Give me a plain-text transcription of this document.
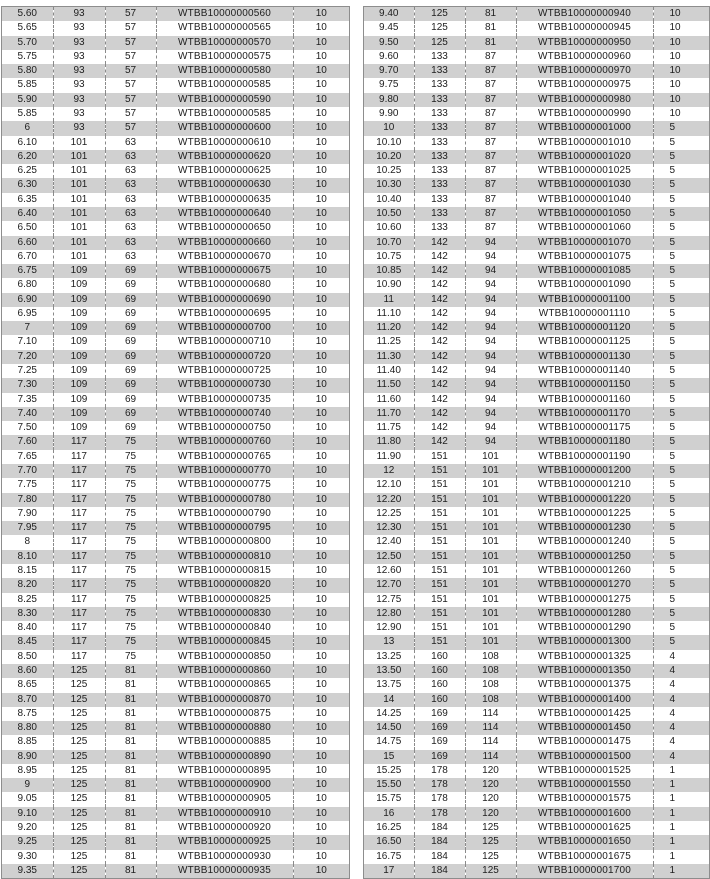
5.60	93	57	WTBB10000000560	10
5.65	93	57	WTBB10000000565	10
5.70	93	57	WTBB10000000570	10
5.75	93	57	WTBB10000000575	10
5.80	93	57	WTBB10000000580	10
5.85	93	57	WTBB10000000585	10
5.90	93	57	WTBB10000000590	10
5.85	93	57	WTBB10000000585	10
6	93	57	WTBB10000000600	10
6.10	101	63	WTBB10000000610	10
6.20	101	63	WTBB10000000620	10
6.25	101	63	WTBB10000000625	10
6.30	101	63	WTBB10000000630	10
6.35	101	63	WTBB10000000635	10
6.40	101	63	WTBB10000000640	10
6.50	101	63	WTBB10000000650	10
6.60	101	63	WTBB10000000660	10
6.70	101	63	WTBB10000000670	10
6.75	109	69	WTBB10000000675	10
6.80	109	69	WTBB10000000680	10
6.90	109	69	WTBB10000000690	10
6.95	109	69	WTBB10000000695	10
7	109	69	WTBB10000000700	10
7.10	109	69	WTBB10000000710	10
7.20	109	69	WTBB10000000720	10
7.25	109	69	WTBB10000000725	10
7.30	109	69	WTBB10000000730	10
7.35	109	69	WTBB10000000735	10
7.40	109	69	WTBB10000000740	10
7.50	109	69	WTBB10000000750	10
7.60	117	75	WTBB10000000760	10
7.65	117	75	WTBB10000000765	10
7.70	117	75	WTBB10000000770	10
7.75	117	75	WTBB10000000775	10
7.80	117	75	WTBB10000000780	10
7.90	117	75	WTBB10000000790	10
7.95	117	75	WTBB10000000795	10
8	117	75	WTBB10000000800	10
8.10	117	75	WTBB10000000810	10
8.15	117	75	WTBB10000000815	10
8.20	117	75	WTBB10000000820	10
8.25	117	75	WTBB10000000825	10
8.30	117	75	WTBB10000000830	10
8.40	117	75	WTBB10000000840	10
8.45	117	75	WTBB10000000845	10
8.50	117	75	WTBB10000000850	10
8.60	125	81	WTBB10000000860	10
8.65	125	81	WTBB10000000865	10
8.70	125	81	WTBB10000000870	10
8.75	125	81	WTBB10000000875	10
8.80	125	81	WTBB10000000880	10
8.85	125	81	WTBB10000000885	10
8.90	125	81	WTBB10000000890	10
8.95	125	81	WTBB10000000895	10
9	125	81	WTBB10000000900	10
9.05	125	81	WTBB10000000905	10
9.10	125	81	WTBB10000000910	10
9.20	125	81	WTBB10000000920	10
9.25	125	81	WTBB10000000925	10
9.30	125	81	WTBB10000000930	10
9.35	125	81	WTBB10000000935	10
9.40	125	81	WTBB10000000940	10
9.45	125	81	WTBB10000000945	10
9.50	125	81	WTBB10000000950	10
9.60	133	87	WTBB10000000960	10
9.70	133	87	WTBB10000000970	10
9.75	133	87	WTBB10000000975	10
9.80	133	87	WTBB10000000980	10
9.90	133	87	WTBB10000000990	10
10	133	87	WTBB10000001000	5
10.10	133	87	WTBB10000001010	5
10.20	133	87	WTBB10000001020	5
10.25	133	87	WTBB10000001025	5
10.30	133	87	WTBB10000001030	5
10.40	133	87	WTBB10000001040	5
10.50	133	87	WTBB10000001050	5
10.60	133	87	WTBB10000001060	5
10.70	142	94	WTBB10000001070	5
10.75	142	94	WTBB10000001075	5
10.85	142	94	WTBB10000001085	5
10.90	142	94	WTBB10000001090	5
11	142	94	WTBB10000001100	5
11.10	142	94	WTBB10000001110	5
11.20	142	94	WTBB10000001120	5
11.25	142	94	WTBB10000001125	5
11.30	142	94	WTBB10000001130	5
11.40	142	94	WTBB10000001140	5
11.50	142	94	WTBB10000001150	5
11.60	142	94	WTBB10000001160	5
11.70	142	94	WTBB10000001170	5
11.75	142	94	WTBB10000001175	5
11.80	142	94	WTBB10000001180	5
11.90	151	101	WTBB10000001190	5
12	151	101	WTBB10000001200	5
12.10	151	101	WTBB10000001210	5
12.20	151	101	WTBB10000001220	5
12.25	151	101	WTBB10000001225	5
12.30	151	101	WTBB10000001230	5
12.40	151	101	WTBB10000001240	5
12.50	151	101	WTBB10000001250	5
12.60	151	101	WTBB10000001260	5
12.70	151	101	WTBB10000001270	5
12.75	151	101	WTBB10000001275	5
12.80	151	101	WTBB10000001280	5
12.90	151	101	WTBB10000001290	5
13	151	101	WTBB10000001300	5
13.25	160	108	WTBB10000001325	4
13.50	160	108	WTBB10000001350	4
13.75	160	108	WTBB10000001375	4
14	160	108	WTBB10000001400	4
14.25	169	114	WTBB10000001425	4
14.50	169	114	WTBB10000001450	4
14.75	169	114	WTBB10000001475	4
15	169	114	WTBB10000001500	4
15.25	178	120	WTBB10000001525	1
15.50	178	120	WTBB10000001550	1
15.75	178	120	WTBB10000001575	1
16	178	120	WTBB10000001600	1
16.25	184	125	WTBB10000001625	1
16.50	184	125	WTBB10000001650	1
16.75	184	125	WTBB10000001675	1
17	184	125	WTBB10000001700	1
